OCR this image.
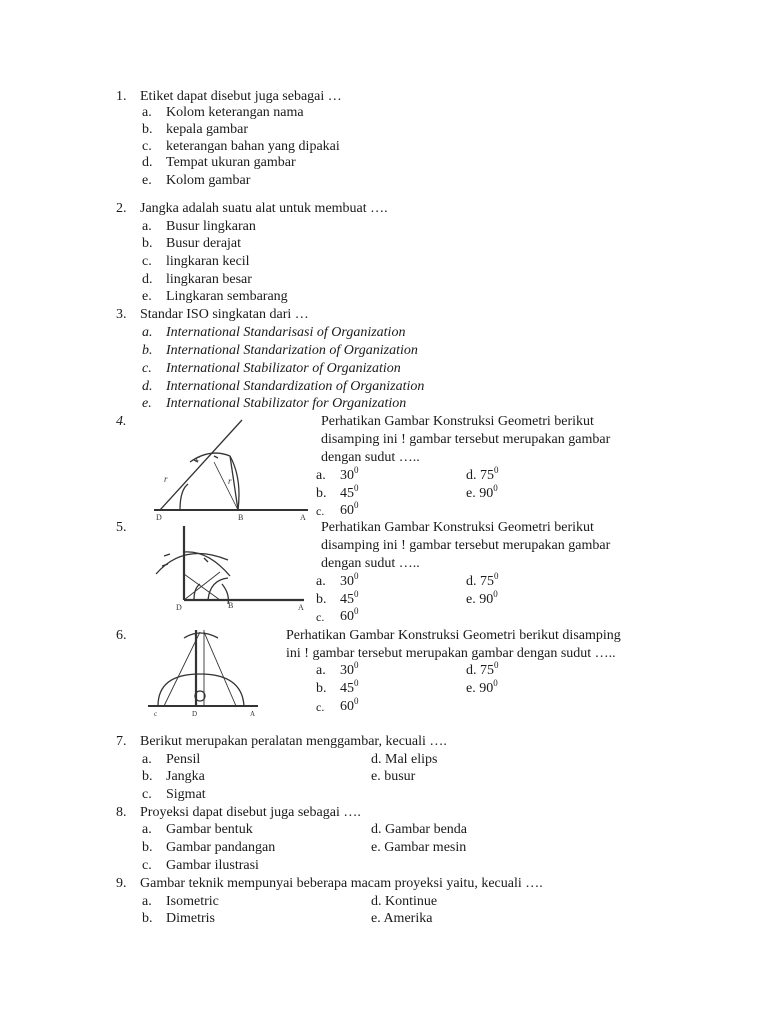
1. Etiket dapat disebut juga sebagai …
a. Kolom keterangan nama
b. kepala gambar
c. keterangan bahan yang dipakai
d. Tempat ukuran gambar
e. Kolom gambar
2. Jangka adalah suatu alat untuk membuat ….
a. Busur lingkaran
b. Busur derajat
c. lingkaran kecil
d. lingkaran besar
e. Lingkaran sembarang
3. Standar ISO singkatan dari …
a. International Standarisasi of Organization
b. International Standarization of Organization
c. International Stabilizator of Organization
d. International Standardization of Organization
e. International Stabilizator for Organization
4.
c
r	r
D	B	A
Perhatikan Gambar Konstruksi Geometri berikut
disamping ini ! gambar tersebut merupakan gambar
dengan sudut …..
a. $30^0$	d. $75^0$
b. $45^0$	e. $90^0$
c. $60^0$
5.
D	B	A
Perhatikan Gambar Konstruksi Geometri berikut
disamping ini ! gambar tersebut merupakan gambar
dengan sudut …..
a. $30^0$	d. $75^0$
b. $45^0$	e. $90^0$
c. $60^0$
6.
c	D	A
Perhatikan Gambar Konstruksi Geometri berikut disamping
ini ! gambar tersebut merupakan gambar dengan sudut …..
a. $30^0$	d. $75^0$
b. $45^0$	e. $90^0$
c. $60^0$
7. Berikut merupakan peralatan menggambar, kecuali ….
a. Pensil	d. Mal elips
b. Jangka	e. busur
c. Sigmat
8. Proyeksi dapat disebut juga sebagai ….
a. Gambar bentuk	d. Gambar benda
b. Gambar pandangan	e. Gambar mesin
c. Gambar ilustrasi
9. Gambar teknik mempunyai beberapa macam proyeksi yaitu, kecuali ….
a. Isometric	d. Kontinue
b. Dimetris	e. Amerika
